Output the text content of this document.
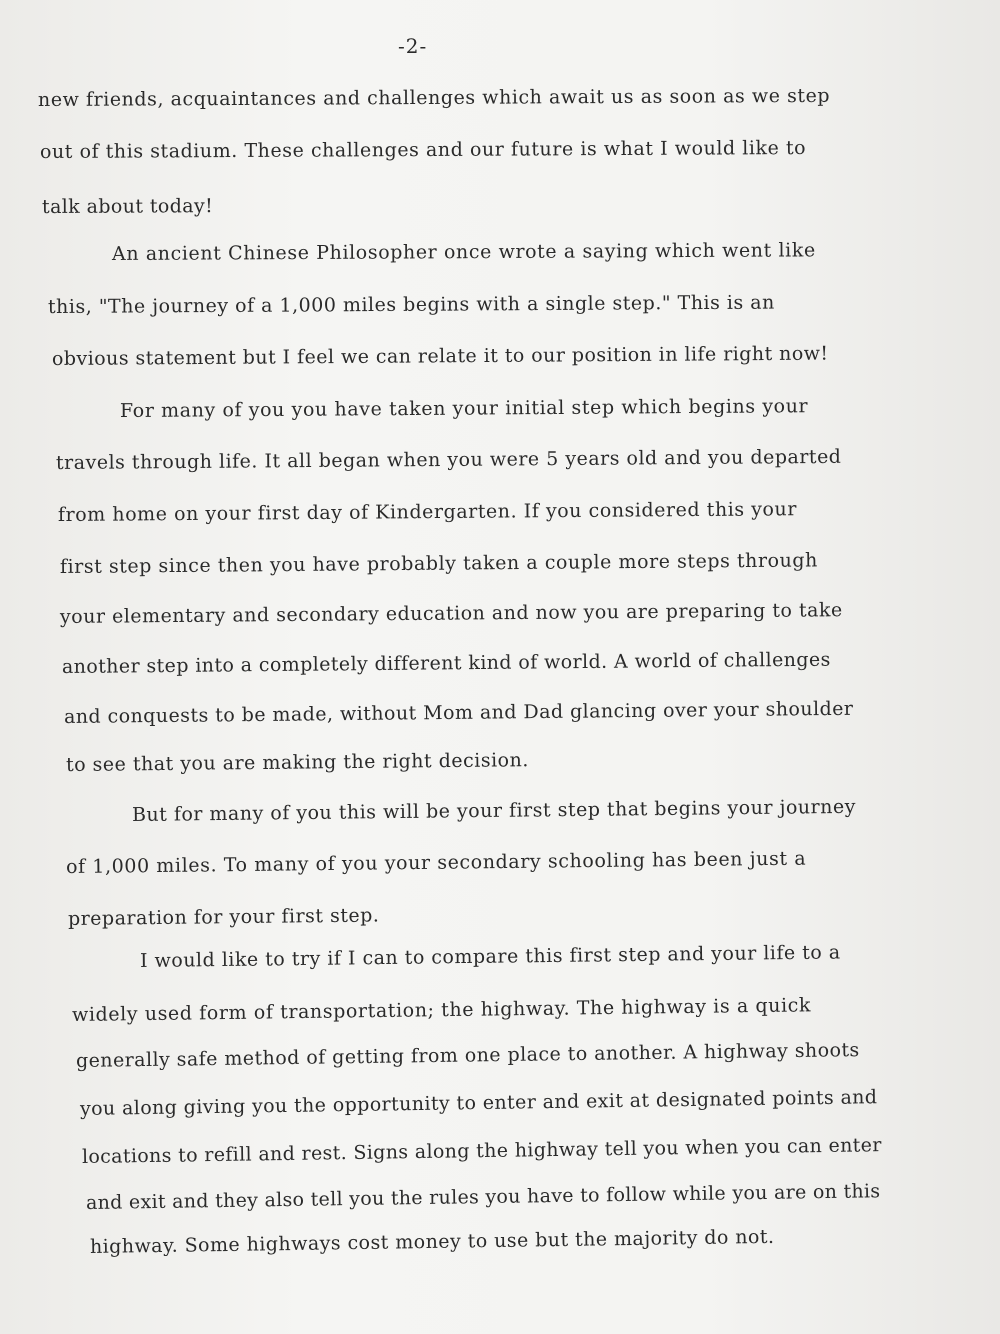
-2-
new friends, acquaintances and challenges which await us as soon as we step
out of this stadium. These challenges and our future is what I would like to
talk about today!
An ancient Chinese Philosopher once wrote a saying which went like
this, "The journey of a 1,000 miles begins with a single step." This is an
obvious statement but I feel we can relate it to our position in life right now!
For many of you you have taken your initial step which begins your
travels through life. It all began when you were 5 years old and you departed
from home on your first day of Kindergarten. If you considered this your
first step since then you have probably taken a couple more steps through
your elementary and secondary education and now you are preparing to take
another step into a completely different kind of world. A world of challenges
and conquests to be made, without Mom and Dad glancing over your shoulder
to see that you are making the right decision.
But for many of you this will be your first step that begins your journey
of 1,000 miles. To many of you your secondary schooling has been just a
preparation for your first step.
I would like to try if I can to compare this first step and your life to a
widely used form of transportation; the highway. The highway is a quick
generally safe method of getting from one place to another. A highway shoots
you along giving you the opportunity to enter and exit at designated points and
locations to refill and rest. Signs along the highway tell you when you can enter
and exit and they also tell you the rules you have to follow while you are on this
highway. Some highways cost money to use but the majority do not.
